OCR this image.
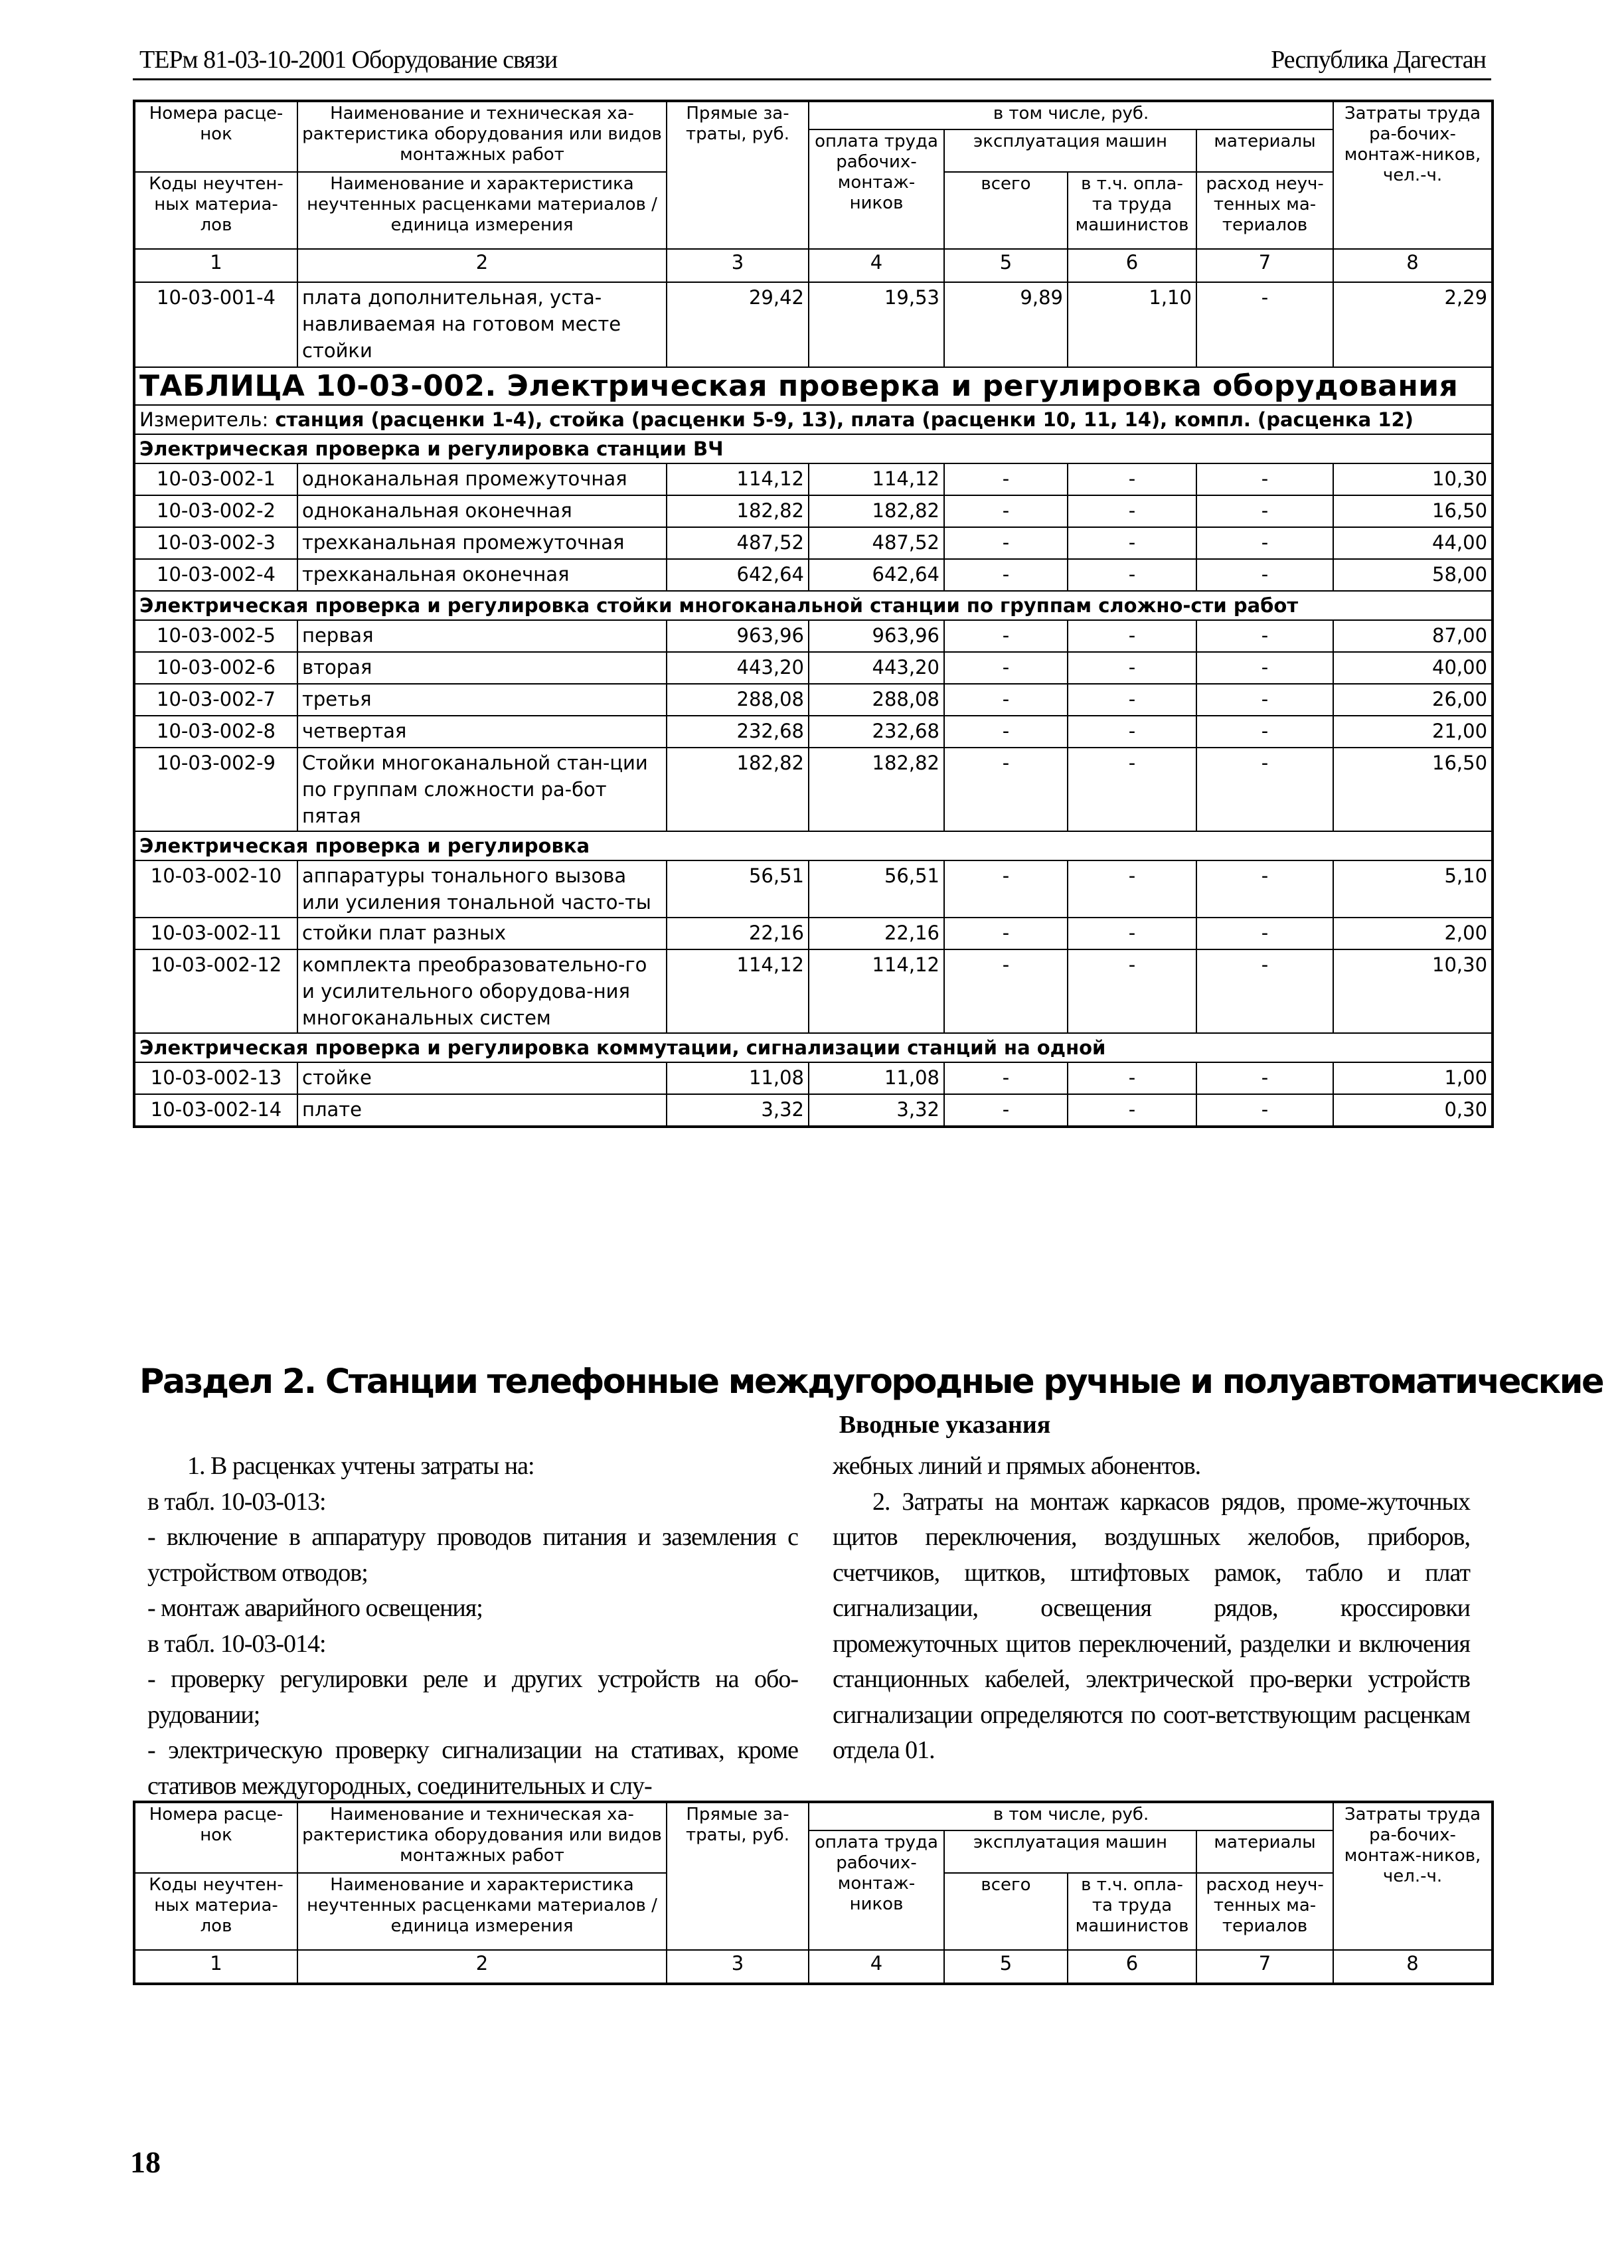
ТЕРм 81-03-10-2001 Оборудование связи	Республика Дагестан
Номера расце-нок	Наименование и техническая ха-рактеристика оборудования или видов монтажных работ	Прямые за-траты, руб.	в том числе, руб.				Затраты труда ра-бочих-монтаж-ников, чел.-ч.
			оплата труда рабочих-монтаж-ников	эксплуатация машин		материалы	
Коды неучтен-ных материа-лов	Наименование и характеристика неучтенных расценками материалов / единица измерения			всего	в т.ч. опла-та труда машинистов	расход неуч-тенных ма-териалов	

1	2	3	4	5	6	7	8
10-03-001-4	плата дополнительная, уста-навливаемая на готовом месте стойки	29,42	19,53	9,89	1,10	-	2,29
ТАБЛИЦА 10-03-002. Электрическая проверка и регулировка оборудования							
Измеритель: станция (расценки 1-4), стойка (расценки 5-9, 13), плата (расценки 10, 11, 14), компл. (расценка 12)							
Электрическая проверка и регулировка станции ВЧ							
10-03-002-1	одноканальная промежуточная	114,12	114,12	-	-	-	10,30
10-03-002-2	одноканальная оконечная	182,82	182,82	-	-	-	16,50
10-03-002-3	трехканальная промежуточная	487,52	487,52	-	-	-	44,00
10-03-002-4	трехканальная оконечная	642,64	642,64	-	-	-	58,00
Электрическая проверка и регулировка стойки многоканальной станции по группам сложно-сти работ							
10-03-002-5	первая	963,96	963,96	-	-	-	87,00
10-03-002-6	вторая	443,20	443,20	-	-	-	40,00
10-03-002-7	третья	288,08	288,08	-	-	-	26,00
10-03-002-8	четвертая	232,68	232,68	-	-	-	21,00
10-03-002-9	Стойки многоканальной стан-ции по группам сложности ра-бот пятая	182,82	182,82	-	-	-	16,50
Электрическая проверка и регулировка							
10-03-002-10	аппаратуры тонального вызова или усиления тональной часто-ты	56,51	56,51	-	-	-	5,10
10-03-002-11	стойки плат разных	22,16	22,16	-	-	-	2,00
10-03-002-12	комплекта преобразовательно-го и усилительного оборудова-ния многоканальных систем	114,12	114,12	-	-	-	10,30
Электрическая проверка и регулировка коммутации, сигнализации станций на одной							
10-03-002-13	стойке	11,08	11,08	-	-	-	1,00
10-03-002-14	плате	3,32	3,32	-	-	-	0,30
Раздел 2. Станции телефонные междугородные ручные и полуавтоматические
Вводные указания

1. В расценках учтены затраты на:

в табл. 10-03-013:

- включение в аппаратуру проводов питания и заземления с устройством отводов;

- монтаж аварийного освещения;

в табл. 10-03-014:

- проверку регулировки реле и других устройств на обо-рудовании;

- электрическую проверку сигнализации на стативах, кроме стативов междугородных, соединительных и слу-

жебных линий и прямых абонентов.

2. Затраты на монтаж каркасов рядов, проме-жуточных щитов переключения, воздушных желобов, приборов, счетчиков, щитков, штифтовых рамок, табло и плат сигнализации, освещения рядов, кроссировки промежуточных щитов переключений, разделки и включения станционных кабелей, электрической про-верки устройств сигнализации определяются по соот-ветствующим расценкам отдела 01.

Номера расце-нок	Наименование и техническая ха-рактеристика оборудования или видов монтажных работ	Прямые за-траты, руб.	в том числе, руб.				Затраты труда ра-бочих-монтаж-ников, чел.-ч.
			оплата труда рабочих-монтаж-ников	эксплуатация машин		материалы	
Коды неучтен-ных материа-лов	Наименование и характеристика неучтенных расценками материалов / единица измерения			всего	в т.ч. опла-та труда машинистов	расход неуч-тенных ма-териалов	

1	2	3	4	5	6	7	8
18
